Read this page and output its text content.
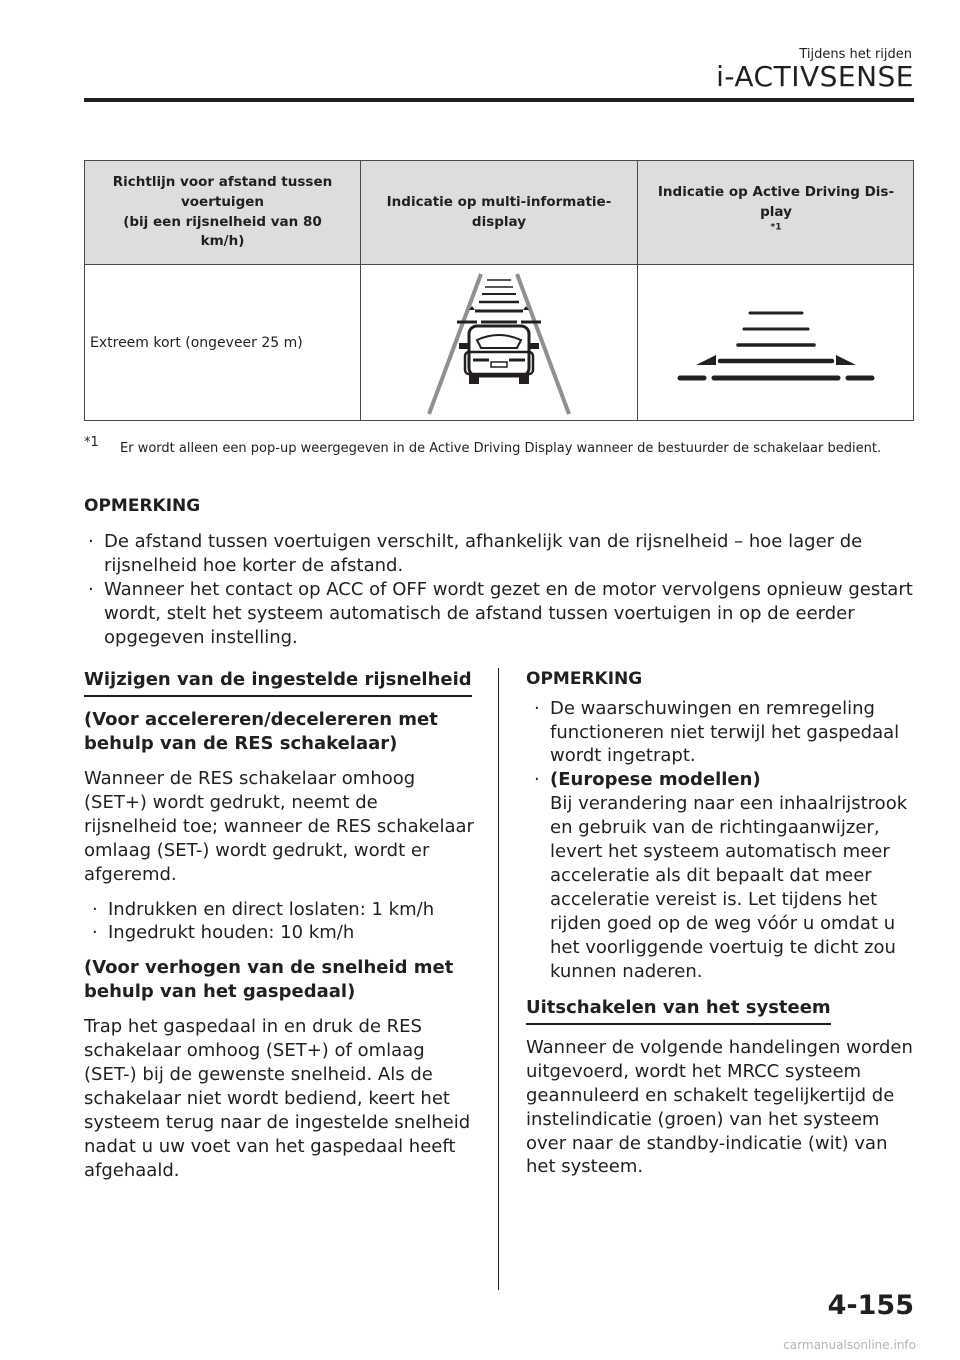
Tijdens het rijden
i-ACTIVSENSE
Richtlijn voor afstand tussen
voertuigen
(bij een rijsnelheid van 80
km/h)
Indicatie op multi-informatie-
display
Indicatie op Active Driving Dis-
play
$^{*1}$
Extreem kort (ongeveer 25 m)
*1 Er wordt alleen een pop-up weergegeven in de Active Driving Display wanneer de bestuurder de schakelaar bedient.
OPMERKING
· De afstand tussen voertuigen verschilt, afhankelijk van de rijsnelheid – hoe lager de rijsnelheid hoe korter de afstand.
· Wanneer het contact op ACC of OFF wordt gezet en de motor vervolgens opnieuw gestart wordt, stelt het systeem automatisch de afstand tussen voertuigen in op de eerder opgegeven instelling.
Wijzigen van de ingestelde rijsnelheid
(Voor accelereren/decelereren met behulp van de RES schakelaar)
Wanneer de RES schakelaar omhoog (SET+) wordt gedrukt, neemt de rijsnelheid toe; wanneer de RES schakelaar omlaag (SET-) wordt gedrukt, wordt er afgeremd.
· Indrukken en direct loslaten: 1 km/h
· Ingedrukt houden: 10 km/h
(Voor verhogen van de snelheid met behulp van het gaspedaal)
Trap het gaspedaal in en druk de RES schakelaar omhoog (SET+) of omlaag (SET-) bij de gewenste snelheid. Als de schakelaar niet wordt bediend, keert het systeem terug naar de ingestelde snelheid nadat u uw voet van het gaspedaal heeft afgehaald.
OPMERKING
· De waarschuwingen en remregeling functioneren niet terwijl het gaspedaal wordt ingetrapt.
· (Europese modellen)
Bij verandering naar een inhaalrijstrook en gebruik van de richtingaanwijzer, levert het systeem automatisch meer acceleratie als dit bepaalt dat meer acceleratie vereist is. Let tijdens het rijden goed op de weg vóór u omdat u het voorliggende voertuig te dicht zou kunnen naderen.
Uitschakelen van het systeem
Wanneer de volgende handelingen worden uitgevoerd, wordt het MRCC systeem geannuleerd en schakelt tegelijkertijd de instelindicatie (groen) van het systeem over naar de standby-indicatie (wit) van het systeem.
4-155
carmanualsonline.info
